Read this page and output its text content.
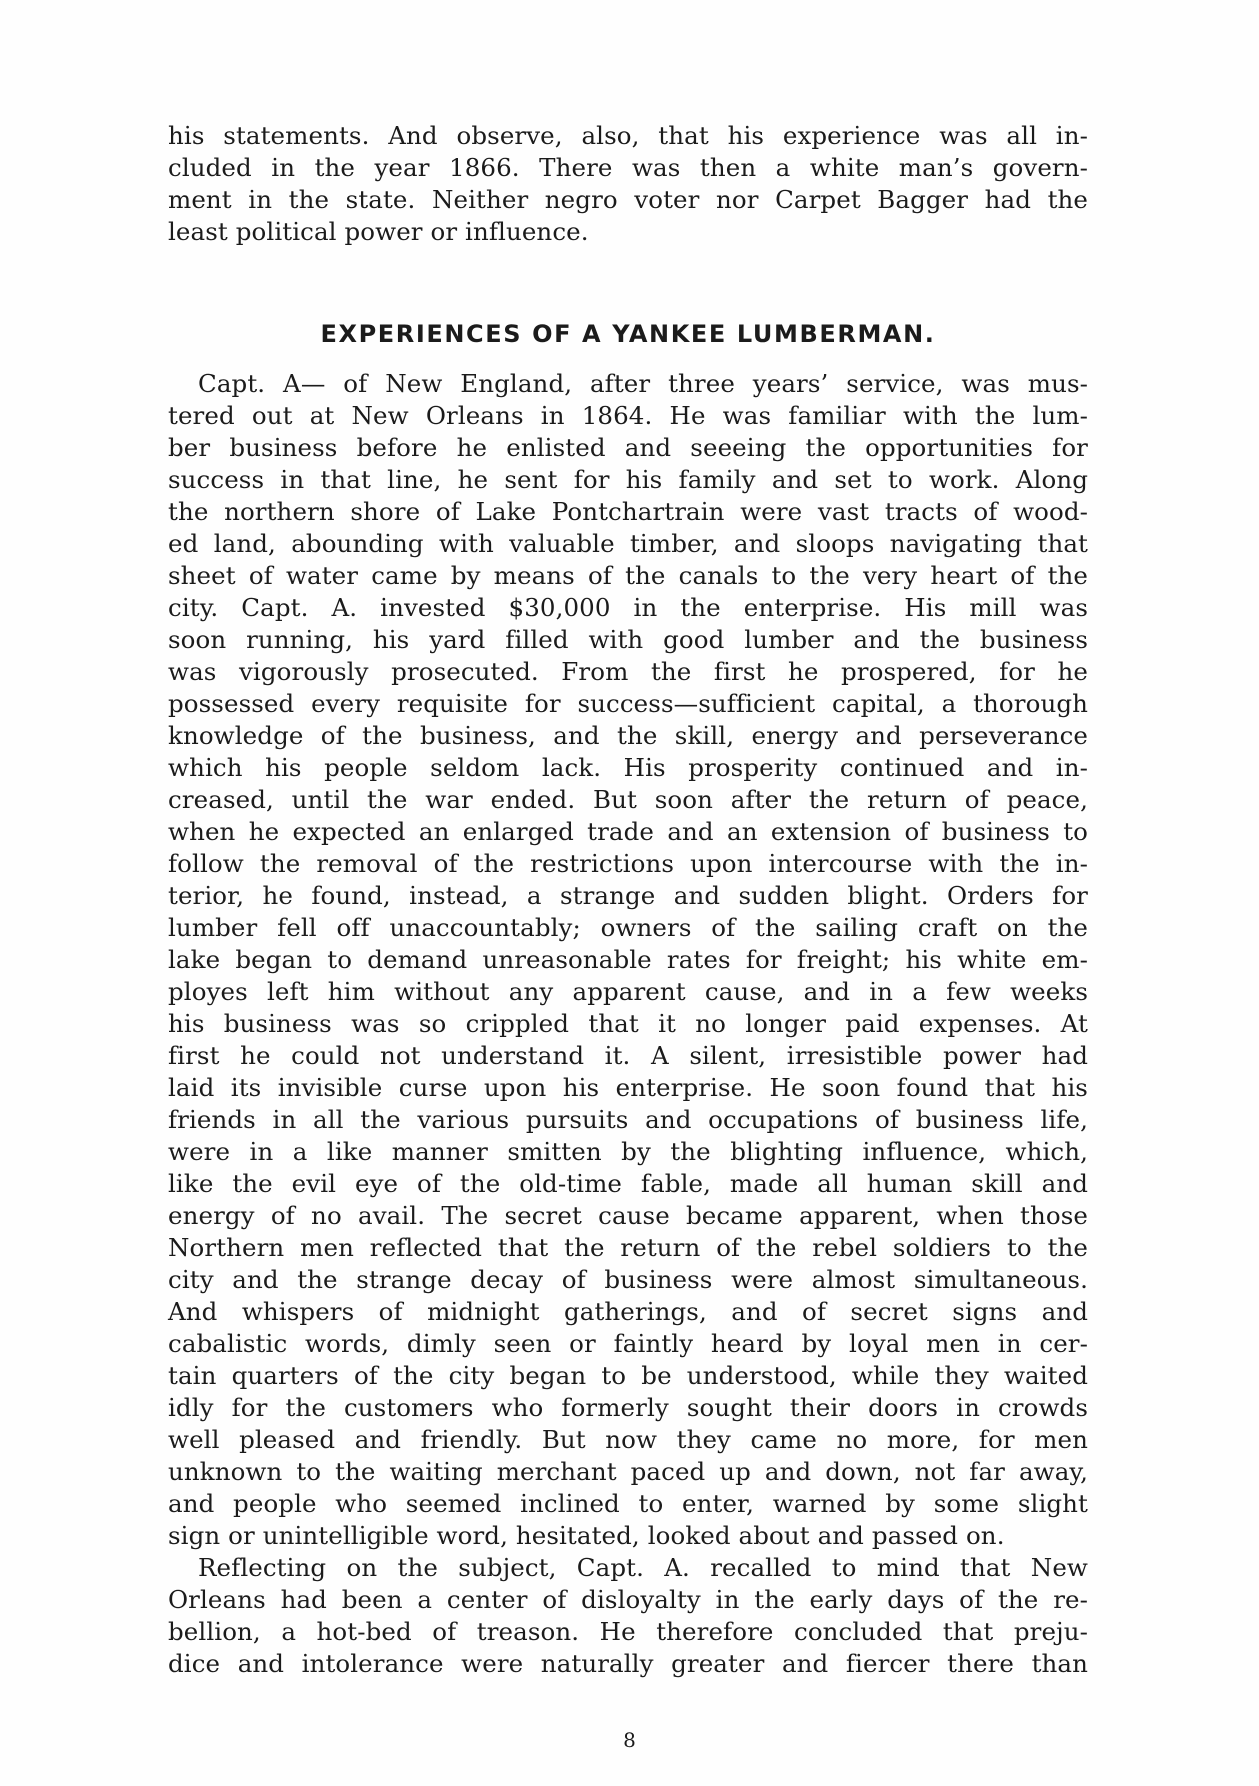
his statements. And observe, also, that his experience was all in-
cluded in the year 1866. There was then a white man’s govern-
ment in the state. Neither negro voter nor Carpet Bagger had the
least political power or influence.
EXPERIENCES OF A YANKEE LUMBERMAN.
Capt. A— of New England, after three years’ service, was mus-
tered out at New Orleans in 1864. He was familiar with the lum-
ber business before he enlisted and seeeing the opportunities for
success in that line, he sent for his family and set to work. Along
the northern shore of Lake Pontchartrain were vast tracts of wood-
ed land, abounding with valuable timber, and sloops navigating that
sheet of water came by means of the canals to the very heart of the
city. Capt. A. invested $30,000 in the enterprise. His mill was
soon running, his yard filled with good lumber and the business
was vigorously prosecuted. From the first he prospered, for he
possessed every requisite for success—sufficient capital, a thorough
knowledge of the business, and the skill, energy and perseverance
which his people seldom lack. His prosperity continued and in-
creased, until the war ended. But soon after the return of peace,
when he expected an enlarged trade and an extension of business to
follow the removal of the restrictions upon intercourse with the in-
terior, he found, instead, a strange and sudden blight. Orders for
lumber fell off unaccountably; owners of the sailing craft on the
lake began to demand unreasonable rates for freight; his white em-
ployes left him without any apparent cause, and in a few weeks
his business was so crippled that it no longer paid expenses. At
first he could not understand it. A silent, irresistible power had
laid its invisible curse upon his enterprise. He soon found that his
friends in all the various pursuits and occupations of business life,
were in a like manner smitten by the blighting influence, which,
like the evil eye of the old-time fable, made all human skill and
energy of no avail. The secret cause became apparent, when those
Northern men reflected that the return of the rebel soldiers to the
city and the strange decay of business were almost simultaneous.
And whispers of midnight gatherings, and of secret signs and
cabalistic words, dimly seen or faintly heard by loyal men in cer-
tain quarters of the city began to be understood, while they waited
idly for the customers who formerly sought their doors in crowds
well pleased and friendly. But now they came no more, for men
unknown to the waiting merchant paced up and down, not far away,
and people who seemed inclined to enter, warned by some slight
sign or unintelligible word, hesitated, looked about and passed on.
Reflecting on the subject, Capt. A. recalled to mind that New
Orleans had been a center of disloyalty in the early days of the re-
bellion, a hot-bed of treason. He therefore concluded that preju-
dice and intolerance were naturally greater and fiercer there than
8
